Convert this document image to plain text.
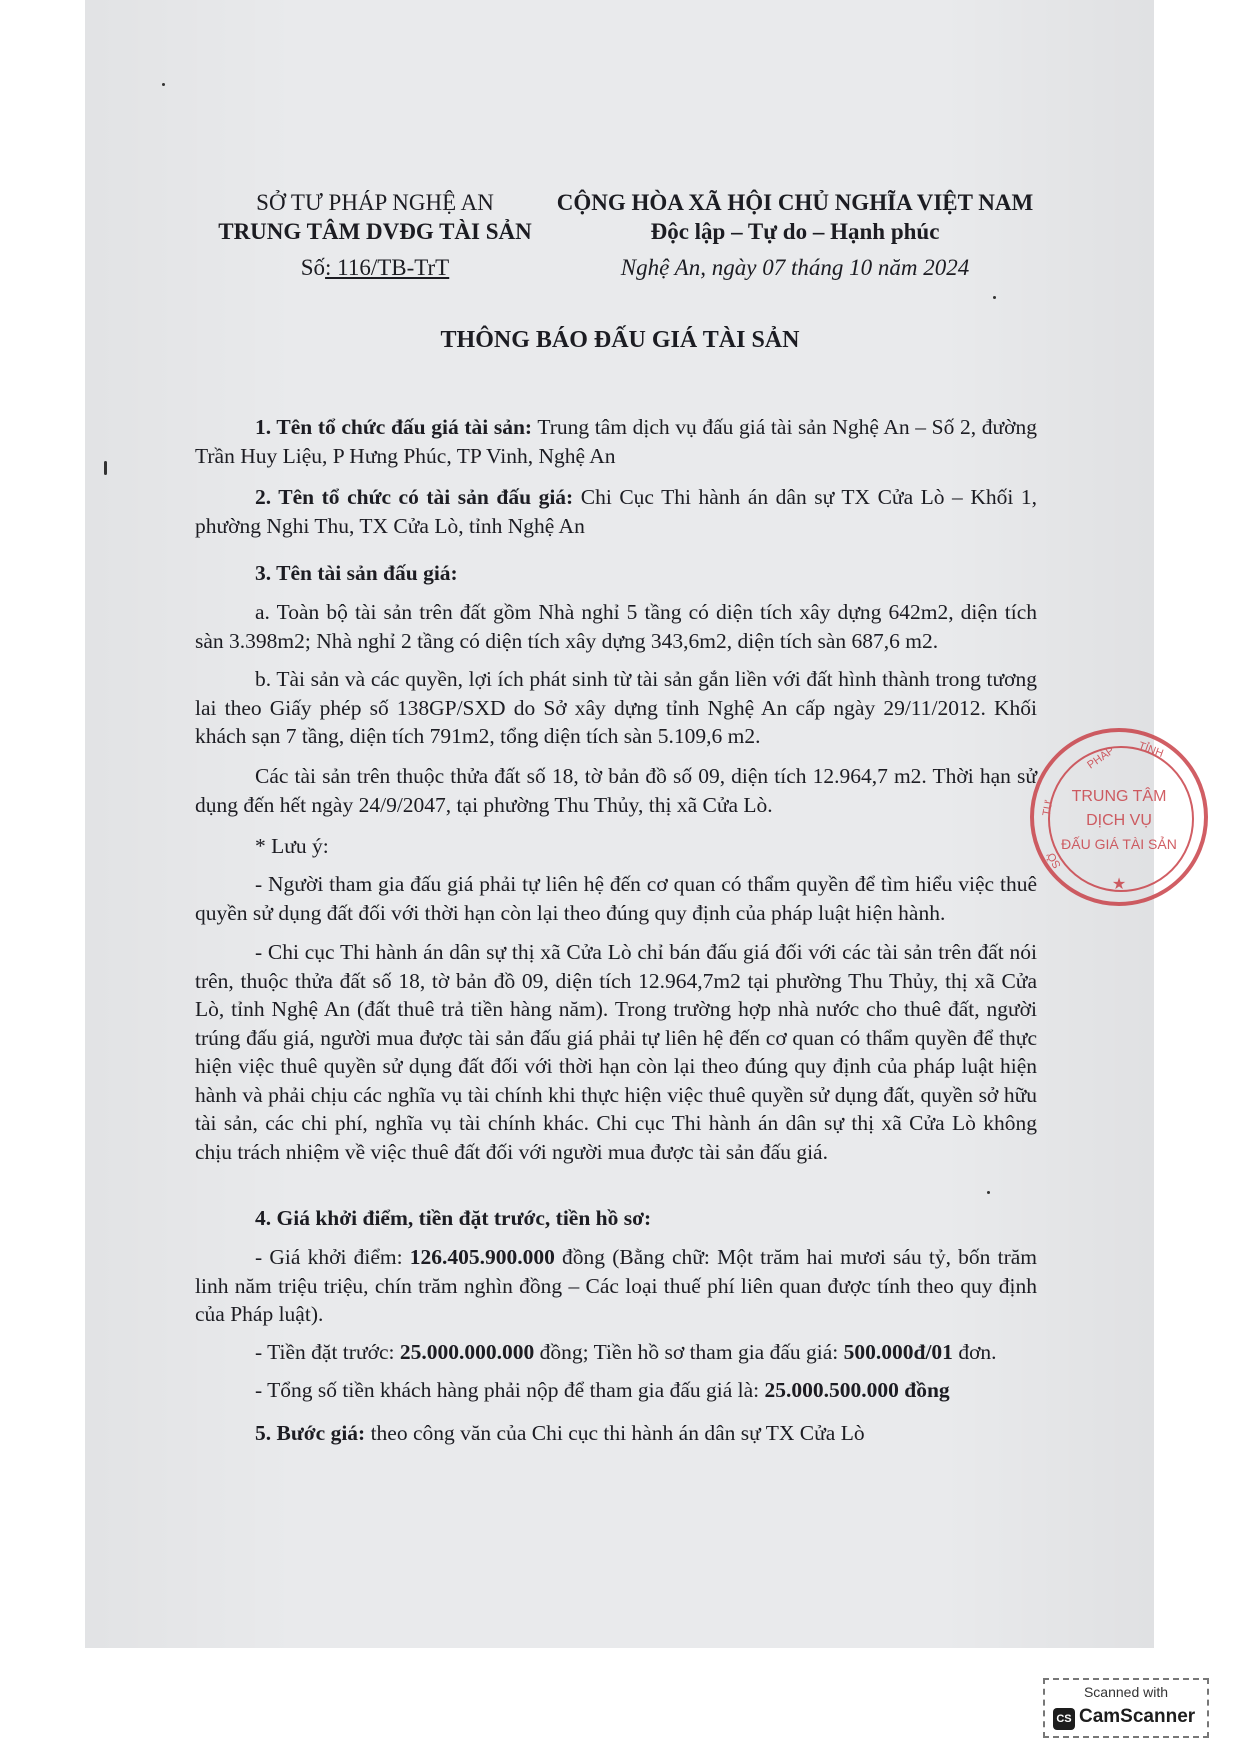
SỞ TƯ PHÁP NGHỆ AN
TRUNG TÂM DVĐG TÀI SẢN
Số: 116/TB-TrT
CỘNG HÒA XÃ HỘI CHỦ NGHĨA VIỆT NAM
Độc lập – Tự do – Hạnh phúc
Nghệ An, ngày 07 tháng 10 năm 2024
THÔNG BÁO ĐẤU GIÁ TÀI SẢN
1. Tên tổ chức đấu giá tài sản: Trung tâm dịch vụ đấu giá tài sản Nghệ An – Số 2, đường Trần Huy Liệu, P Hưng Phúc, TP Vinh, Nghệ An
2. Tên tổ chức có tài sản đấu giá: Chi Cục Thi hành án dân sự TX Cửa Lò – Khối 1, phường Nghi Thu, TX Cửa Lò, tỉnh Nghệ An
3. Tên tài sản đấu giá:
a. Toàn bộ tài sản trên đất gồm Nhà nghỉ 5 tầng có diện tích xây dựng 642m2, diện tích sàn 3.398m2; Nhà nghỉ 2 tầng có diện tích xây dựng 343,6m2, diện tích sàn 687,6 m2.
b. Tài sản và các quyền, lợi ích phát sinh từ tài sản gắn liền với đất hình thành trong tương lai theo Giấy phép số 138GP/SXD do Sở xây dựng tỉnh Nghệ An cấp ngày 29/11/2012. Khối khách sạn 7 tầng, diện tích 791m2, tổng diện tích sàn 5.109,6 m2.
Các tài sản trên thuộc thửa đất số 18, tờ bản đồ số 09, diện tích 12.964,7 m2. Thời hạn sử dụng đến hết ngày 24/9/2047, tại phường Thu Thủy, thị xã Cửa Lò.
* Lưu ý:
- Người tham gia đấu giá phải tự liên hệ đến cơ quan có thẩm quyền để tìm hiểu việc thuê quyền sử dụng đất đối với thời hạn còn lại theo đúng quy định của pháp luật hiện hành.
- Chi cục Thi hành án dân sự thị xã Cửa Lò chỉ bán đấu giá đối với các tài sản trên đất nói trên, thuộc thửa đất số 18, tờ bản đồ 09, diện tích 12.964,7m2 tại phường Thu Thủy, thị xã Cửa Lò, tỉnh Nghệ An (đất thuê trả tiền hàng năm). Trong trường hợp nhà nước cho thuê đất, người trúng đấu giá, người mua được tài sản đấu giá phải tự liên hệ đến cơ quan có thẩm quyền để thực hiện việc thuê quyền sử dụng đất đối với thời hạn còn lại theo đúng quy định của pháp luật hiện hành và phải chịu các nghĩa vụ tài chính khi thực hiện việc thuê quyền sử dụng đất, quyền sở hữu tài sản, các chi phí, nghĩa vụ tài chính khác. Chi cục Thi hành án dân sự thị xã Cửa Lò không chịu trách nhiệm về việc thuê đất đối với người mua được tài sản đấu giá.
4. Giá khởi điểm, tiền đặt trước, tiền hồ sơ:
- Giá khởi điểm: 126.405.900.000 đồng (Bằng chữ: Một trăm hai mươi sáu tỷ, bốn trăm linh năm triệu triệu, chín trăm nghìn đồng – Các loại thuế phí liên quan được tính theo quy định của Pháp luật).
- Tiền đặt trước: 25.000.000.000 đồng; Tiền hồ sơ tham gia đấu giá: 500.000đ/01 đơn.
- Tổng số tiền khách hàng phải nộp để tham gia đấu giá là: 25.000.500.000 đồng
5. Bước giá: theo công văn của Chi cục thi hành án dân sự TX Cửa Lò
PHÁP TỈNH
TƯ
SỞ
TRUNG TÂM
DỊCH VỤ
ĐẤU GIÁ TÀI SẢN
★
Scanned with
CS CamScanner
